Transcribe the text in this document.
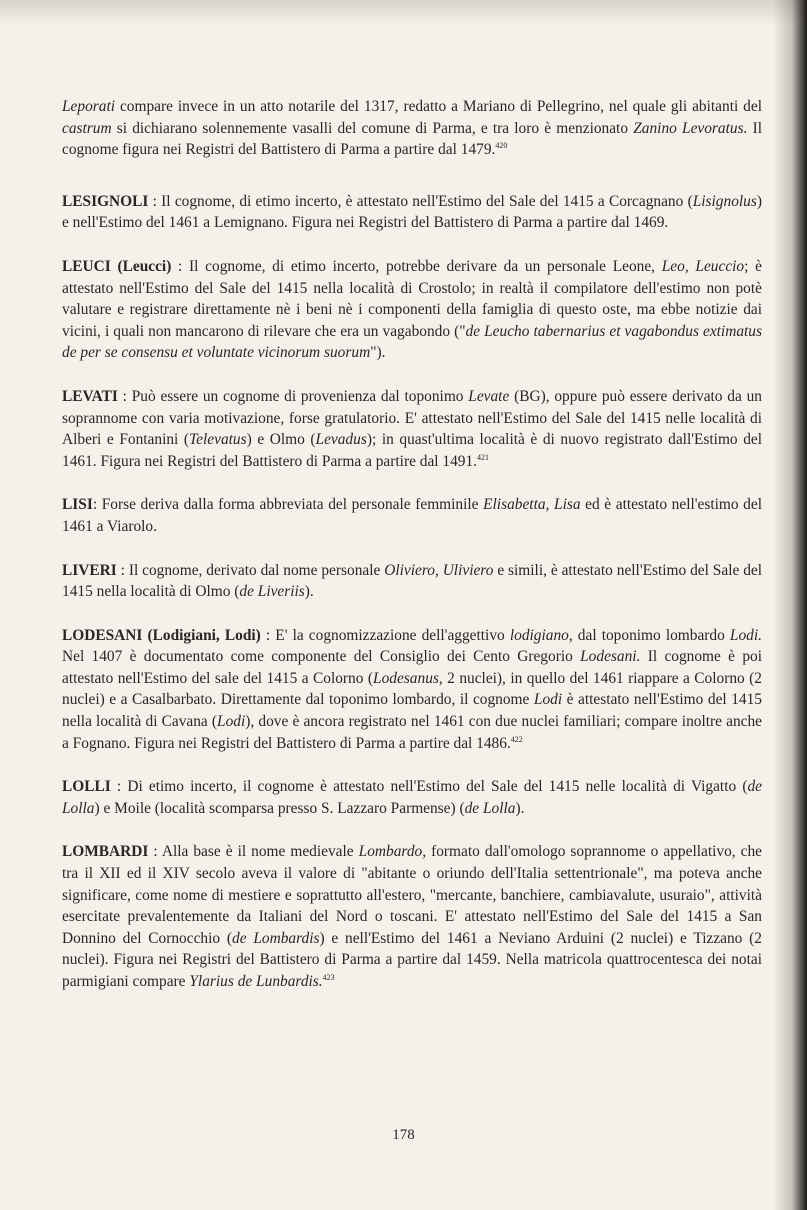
Leporati compare invece in un atto notarile del 1317, redatto a Mariano di Pellegrino, nel quale gli abitanti del castrum si dichiarano solennemente vasalli del comune di Parma, e tra loro è menzionato Zanino Levoratus. Il cognome figura nei Registri del Battistero di Parma a partire dal 1479.$^{420}$

LESIGNOLI : Il cognome, di etimo incerto, è attestato nell'Estimo del Sale del 1415 a Corcagnano (Lisignolus) e nell'Estimo del 1461 a Lemignano. Figura nei Registri del Battistero di Parma a partire dal 1469.

LEUCI (Leucci) : Il cognome, di etimo incerto, potrebbe derivare da un personale Leone, Leo, Leuccio; è attestato nell'Estimo del Sale del 1415 nella località di Crostolo; in realtà il compilatore dell'estimo non potè valutare e registrare direttamente nè i beni nè i componenti della famiglia di questo oste, ma ebbe notizie dai vicini, i quali non mancarono di rilevare che era un vagabondo ("de Leucho tabernarius et vagabondus extimatus de per se consensu et voluntate vicinorum suorum").

LEVATI : Può essere un cognome di provenienza dal toponimo Levate (BG), oppure può essere derivato da un soprannome con varia motivazione, forse gratulatorio. E' attestato nell'Estimo del Sale del 1415 nelle località di Alberi e Fontanini (Televatus) e Olmo (Levadus); in quast'ultima località è di nuovo registrato dall'Estimo del 1461. Figura nei Registri del Battistero di Parma a partire dal 1491.$^{421}$

LISI: Forse deriva dalla forma abbreviata del personale femminile Elisabetta, Lisa ed è attestato nell'estimo del 1461 a Viarolo.

LIVERI : Il cognome, derivato dal nome personale Oliviero, Uliviero e simili, è attestato nell'Estimo del Sale del 1415 nella località di Olmo (de Liveriis).

LODESANI (Lodigiani, Lodi) : E' la cognomizzazione dell'aggettivo lodigiano, dal toponimo lombardo Lodi. Nel 1407 è documentato come componente del Consiglio dei Cento Gregorio Lodesani. Il cognome è poi attestato nell'Estimo del sale del 1415 a Colorno (Lodesanus, 2 nuclei), in quello del 1461 riappare a Colorno (2 nuclei) e a Casalbarbato. Direttamente dal toponimo lombardo, il cognome Lodi è attestato nell'Estimo del 1415 nella località di Cavana (Lodi), dove è ancora registrato nel 1461 con due nuclei familiari; compare inoltre anche a Fognano. Figura nei Registri del Battistero di Parma a partire dal 1486.$^{422}$

LOLLI : Di etimo incerto, il cognome è attestato nell'Estimo del Sale del 1415 nelle località di Vigatto (de Lolla) e Moile (località scomparsa presso S. Lazzaro Parmense) (de Lolla).

LOMBARDI : Alla base è il nome medievale Lombardo, formato dall'omologo soprannome o appellativo, che tra il XII ed il XIV secolo aveva il valore di "abitante o oriundo dell'Italia settentrionale", ma poteva anche significare, come nome di mestiere e soprattutto all'estero, "mercante, banchiere, cambiavalute, usuraio", attività esercitate prevalentemente da Italiani del Nord o toscani. E' attestato nell'Estimo del Sale del 1415 a San Donnino del Cornocchio (de Lombardis) e nell'Estimo del 1461 a Neviano Arduini (2 nuclei) e Tizzano (2 nuclei). Figura nei Registri del Battistero di Parma a partire dal 1459. Nella matricola quattrocentesca dei notai parmigiani compare Ylarius de Lunbardis.$^{423}$

178
